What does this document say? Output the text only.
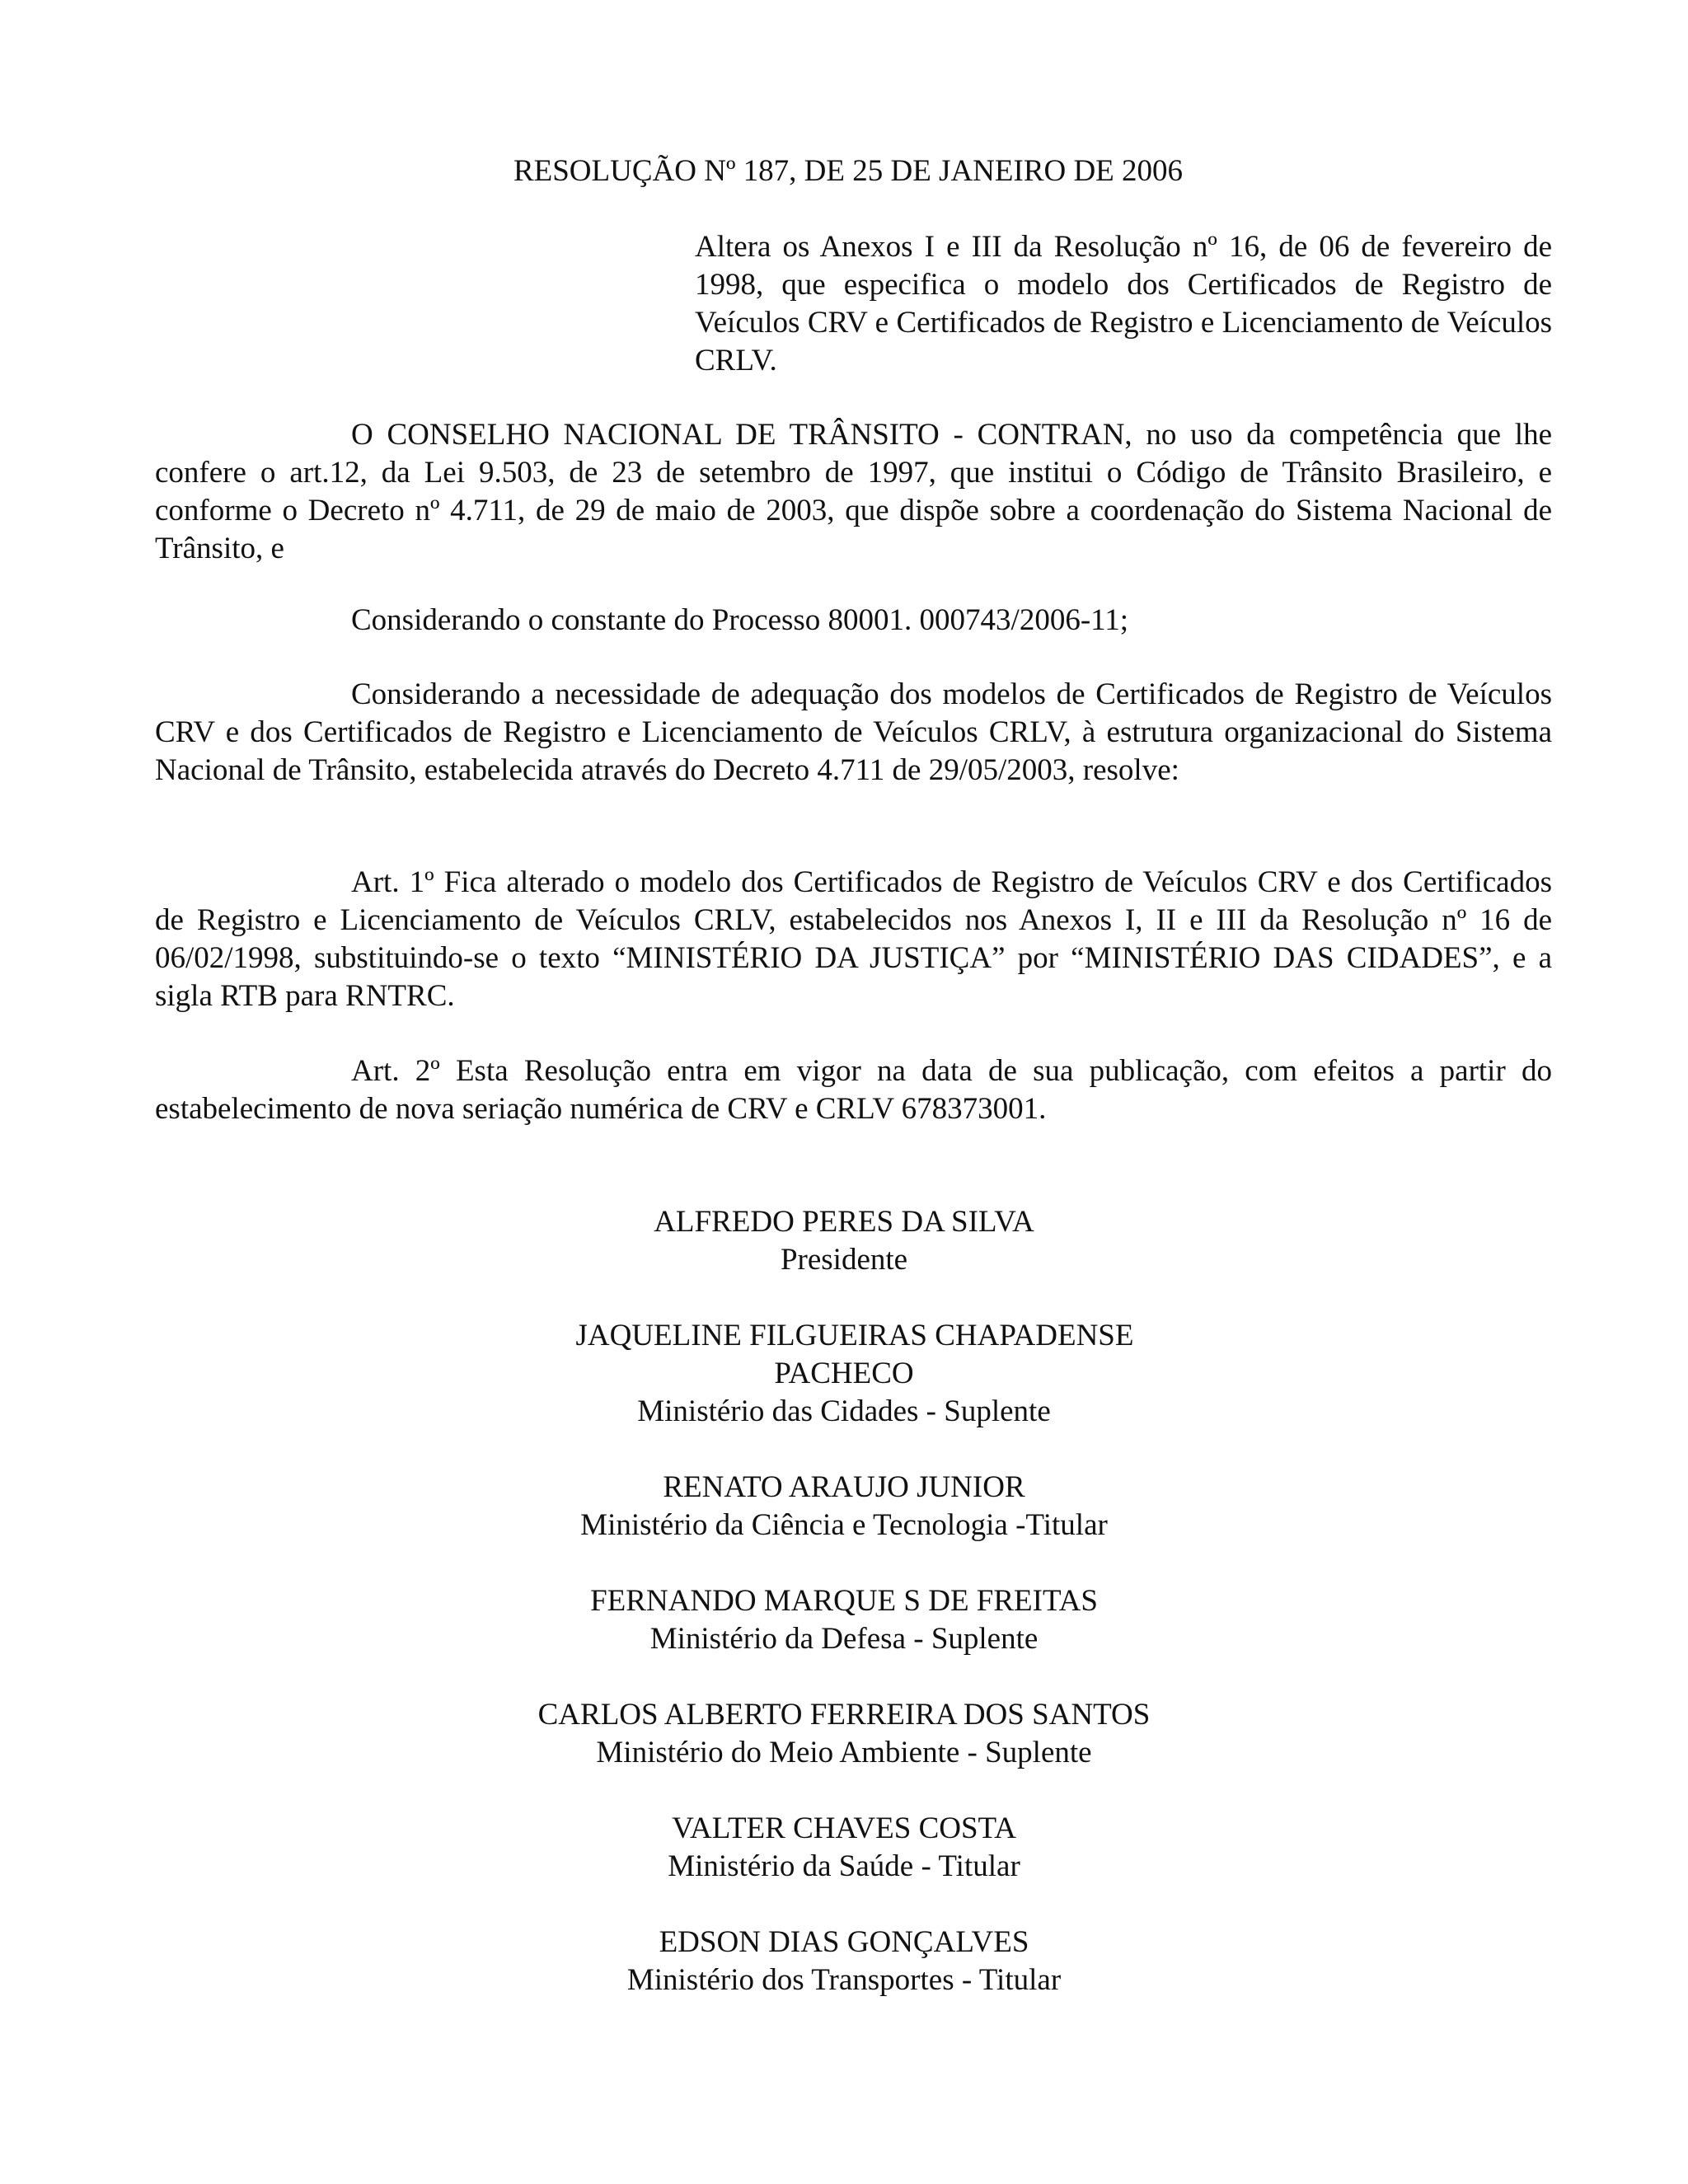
RESOLUÇÃO Nº 187, DE 25 DE JANEIRO DE 2006
Altera os Anexos I e III da Resolução nº 16, de 06 de fevereiro de 1998, que especifica o modelo dos Certificados de Registro de Veículos CRV e Certificados de Registro e Licenciamento de Veículos CRLV.

O CONSELHO NACIONAL DE TRÂNSITO - CONTRAN, no uso da competência que lhe confere o art.12, da Lei 9.503, de 23 de setembro de 1997, que institui o Código de Trânsito Brasileiro, e conforme o Decreto nº 4.711, de 29 de maio de 2003, que dispõe sobre a coordenação do Sistema Nacional de Trânsito, e

Considerando o constante do Processo 80001. 000743/2006-11;

Considerando a necessidade de adequação dos modelos de Certificados de Registro de Veículos CRV e dos Certificados de Registro e Licenciamento de Veículos CRLV, à estrutura organizacional do Sistema Nacional de Trânsito, estabelecida através do Decreto 4.711 de 29/05/2003, resolve:

Art. 1º Fica alterado o modelo dos Certificados de Registro de Veículos CRV e dos Certificados de Registro e Licenciamento de Veículos CRLV, estabelecidos nos Anexos I, II e III da Resolução nº 16 de 06/02/1998, substituindo-se o texto “MINISTÉRIO DA JUSTIÇA” por “MINISTÉRIO DAS CIDADES”, e a sigla RTB para RNTRC.

Art. 2º Esta Resolução entra em vigor na data de sua publicação, com efeitos a partir do estabelecimento de nova seriação numérica de CRV e CRLV 678373001.

ALFREDO PERES DA SILVA
Presidente
JAQUELINE FILGUEIRAS CHAPADENSE
PACHECO
Ministério das Cidades - Suplente
RENATO ARAUJO JUNIOR
Ministério da Ciência e Tecnologia -Titular
FERNANDO MARQUE S DE FREITAS
Ministério da Defesa - Suplente
CARLOS ALBERTO FERREIRA DOS SANTOS
Ministério do Meio Ambiente - Suplente
VALTER CHAVES COSTA
Ministério da Saúde - Titular
EDSON DIAS GONÇALVES
Ministério dos Transportes - Titular
